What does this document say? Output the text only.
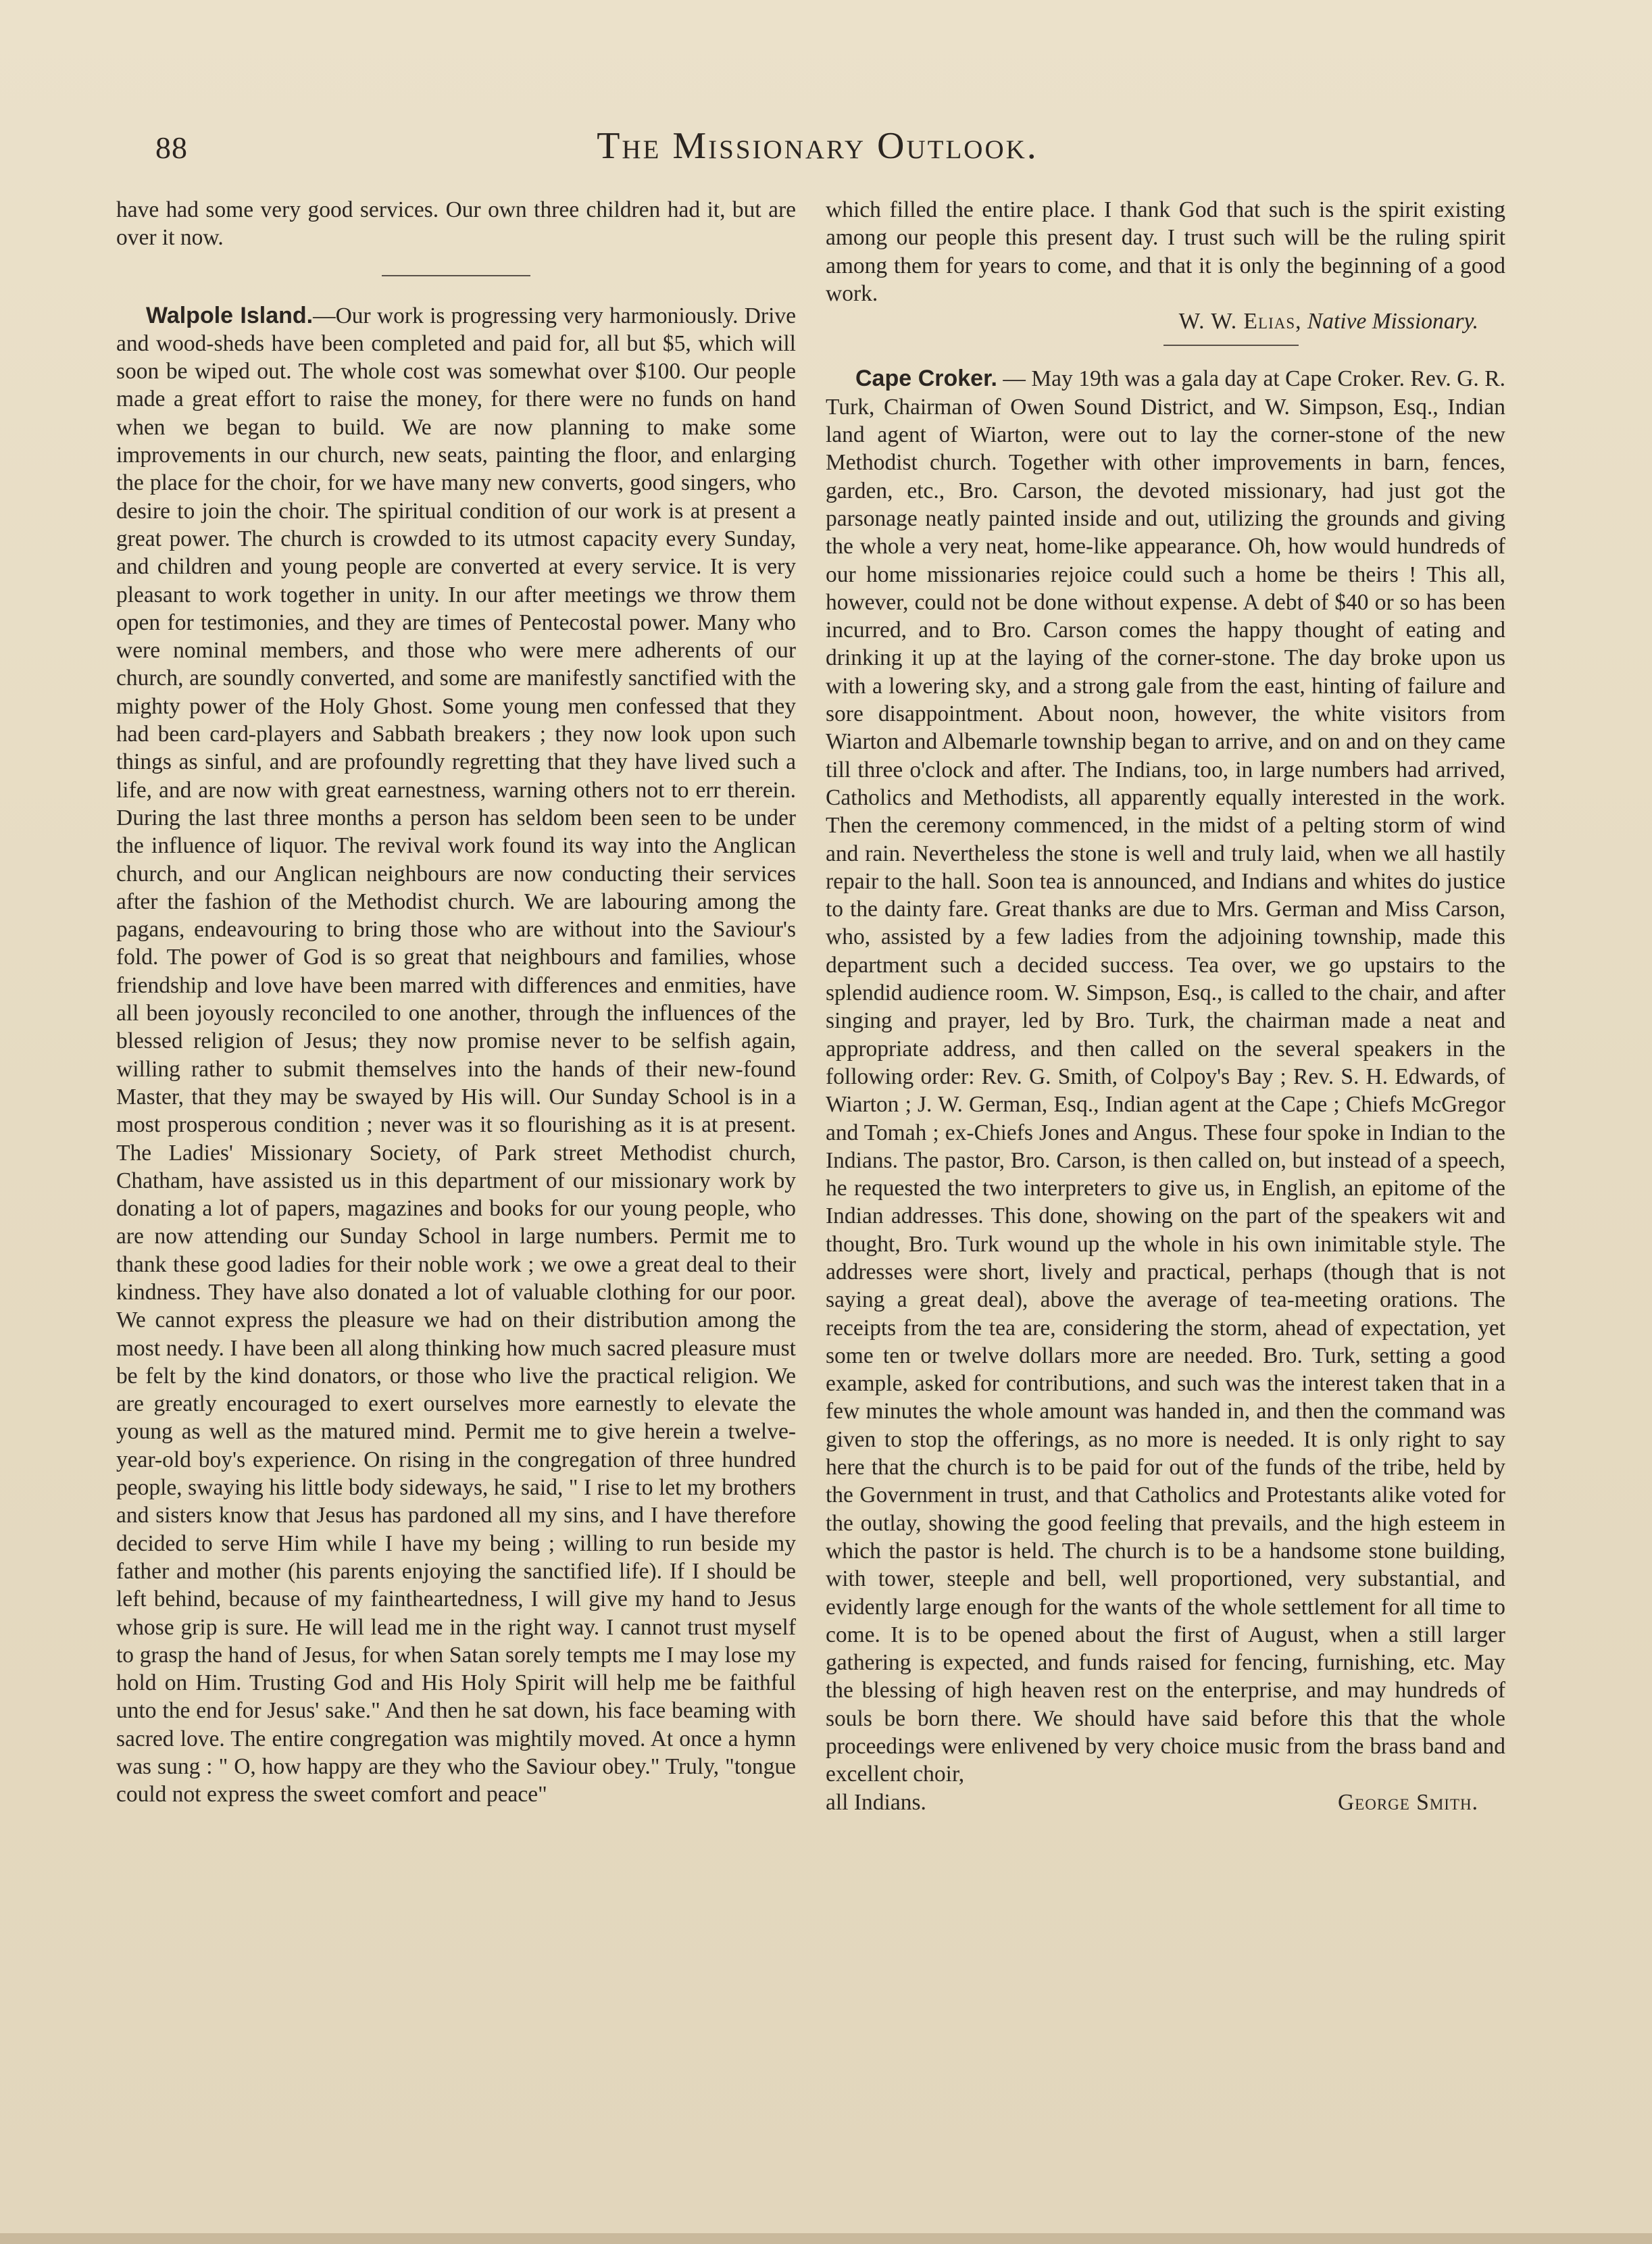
88	The Missionary Outlook.

have had some very good services. Our own three children had it, but are over it now.

Walpole Island.—Our work is progressing very harmoniously. Drive and wood-sheds have been completed and paid for, all but $5, which will soon be wiped out. The whole cost was somewhat over $100. Our people made a great effort to raise the money, for there were no funds on hand when we began to build. We are now planning to make some improvements in our church, new seats, painting the floor, and enlarging the place for the choir, for we have many new converts, good singers, who desire to join the choir. The spiritual condition of our work is at present a great power. The church is crowded to its utmost capacity every Sunday, and children and young people are converted at every service. It is very pleasant to work together in unity. In our after meetings we throw them open for testimonies, and they are times of Pentecostal power. Many who were nominal members, and those who were mere adherents of our church, are soundly converted, and some are manifestly sanctified with the mighty power of the Holy Ghost. Some young men confessed that they had been card-players and Sabbath breakers ; they now look upon such things as sinful, and are profoundly regretting that they have lived such a life, and are now with great earnestness, warning others not to err therein. During the last three months a person has seldom been seen to be under the influence of liquor. The revival work found its way into the Anglican church, and our Anglican neighbours are now conducting their services after the fashion of the Methodist church. We are labouring among the pagans, endeavouring to bring those who are without into the Saviour's fold. The power of God is so great that neighbours and families, whose friendship and love have been marred with differences and enmities, have all been joyously reconciled to one another, through the influences of the blessed religion of Jesus; they now promise never to be selfish again, willing rather to submit themselves into the hands of their new-found Master, that they may be swayed by His will. Our Sunday School is in a most prosperous condition ; never was it so flourishing as it is at present. The Ladies' Missionary Society, of Park street Methodist church, Chatham, have assisted us in this department of our missionary work by donating a lot of papers, magazines and books for our young people, who are now attending our Sunday School in large numbers. Permit me to thank these good ladies for their noble work ; we owe a great deal to their kindness. They have also donated a lot of valuable clothing for our poor. We cannot express the pleasure we had on their distribution among the most needy. I have been all along thinking how much sacred pleasure must be felt by the kind donators, or those who live the practical religion. We are greatly encouraged to exert ourselves more earnestly to elevate the young as well as the matured mind. Permit me to give herein a twelve-year-old boy's experience. On rising in the congregation of three hundred people, swaying his little body sideways, he said, " I rise to let my brothers and sisters know that Jesus has pardoned all my sins, and I have therefore decided to serve Him while I have my being ; willing to run beside my father and mother (his parents enjoying the sanctified life). If I should be left behind, because of my faintheartedness, I will give my hand to Jesus whose grip is sure. He will lead me in the right way. I cannot trust myself to grasp the hand of Jesus, for when Satan sorely tempts me I may lose my hold on Him. Trusting God and His Holy Spirit will help me be faithful unto the end for Jesus' sake." And then he sat down, his face beaming with sacred love. The entire congregation was mightily moved. At once a hymn was sung : " O, how happy are they who the Saviour obey." Truly, "tongue could not express the sweet comfort and peace"

which filled the entire place. I thank God that such is the spirit existing among our people this present day. I trust such will be the ruling spirit among them for years to come, and that it is only the beginning of a good work.

W. W. Elias, Native Missionary.

Cape Croker. — May 19th was a gala day at Cape Croker. Rev. G. R. Turk, Chairman of Owen Sound District, and W. Simpson, Esq., Indian land agent of Wiarton, were out to lay the corner-stone of the new Methodist church. Together with other improvements in barn, fences, garden, etc., Bro. Carson, the devoted missionary, had just got the parsonage neatly painted inside and out, utilizing the grounds and giving the whole a very neat, home-like appearance. Oh, how would hundreds of our home missionaries rejoice could such a home be theirs ! This all, however, could not be done without expense. A debt of $40 or so has been incurred, and to Bro. Carson comes the happy thought of eating and drinking it up at the laying of the corner-stone. The day broke upon us with a lowering sky, and a strong gale from the east, hinting of failure and sore disappointment. About noon, however, the white visitors from Wiarton and Albemarle township began to arrive, and on and on they came till three o'clock and after. The Indians, too, in large numbers had arrived, Catholics and Methodists, all apparently equally interested in the work. Then the ceremony commenced, in the midst of a pelting storm of wind and rain. Nevertheless the stone is well and truly laid, when we all hastily repair to the hall. Soon tea is announced, and Indians and whites do justice to the dainty fare. Great thanks are due to Mrs. German and Miss Carson, who, assisted by a few ladies from the adjoining township, made this department such a decided success. Tea over, we go upstairs to the splendid audience room. W. Simpson, Esq., is called to the chair, and after singing and prayer, led by Bro. Turk, the chairman made a neat and appropriate address, and then called on the several speakers in the following order: Rev. G. Smith, of Colpoy's Bay ; Rev. S. H. Edwards, of Wiarton ; J. W. German, Esq., Indian agent at the Cape ; Chiefs McGregor and Tomah ; ex-Chiefs Jones and Angus. These four spoke in Indian to the Indians. The pastor, Bro. Carson, is then called on, but instead of a speech, he requested the two interpreters to give us, in English, an epitome of the Indian addresses. This done, showing on the part of the speakers wit and thought, Bro. Turk wound up the whole in his own inimitable style. The addresses were short, lively and practical, perhaps (though that is not saying a great deal), above the average of tea-meeting orations. The receipts from the tea are, considering the storm, ahead of expectation, yet some ten or twelve dollars more are needed. Bro. Turk, setting a good example, asked for contributions, and such was the interest taken that in a few minutes the whole amount was handed in, and then the command was given to stop the offerings, as no more is needed. It is only right to say here that the church is to be paid for out of the funds of the tribe, held by the Government in trust, and that Catholics and Protestants alike voted for the outlay, showing the good feeling that prevails, and the high esteem in which the pastor is held. The church is to be a handsome stone building, with tower, steeple and bell, well proportioned, very substantial, and evidently large enough for the wants of the whole settlement for all time to come. It is to be opened about the first of August, when a still larger gathering is expected, and funds raised for fencing, furnishing, etc. May the blessing of high heaven rest on the enterprise, and may hundreds of souls be born there. We should have said before this that the whole proceedings were enlivened by very choice music from the brass band and excellent choir,

all Indians.	George Smith.
